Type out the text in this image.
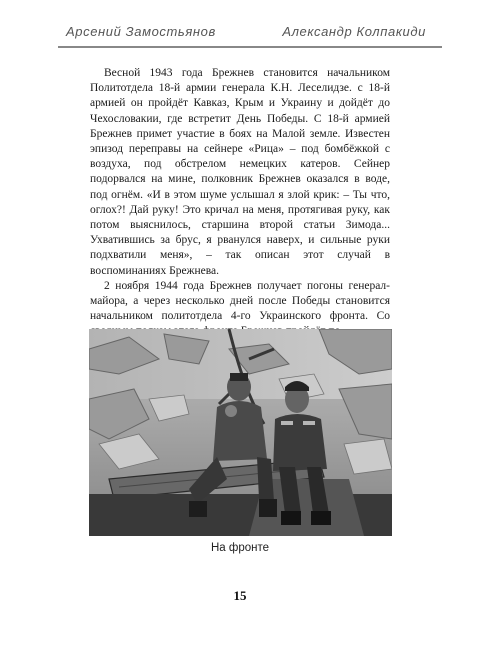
Арсений Замостьянов	Александр Колпакиди

Весной 1943 года Брежнев становится начальником Политотдела 18-й армии генерала К.Н. Леселидзе. с 18-й армией он пройдёт Кавказ, Крым и Украину и дойдёт до Чехословакии, где встретит День Победы. С 18-й армией Брежнев примет участие в боях на Малой земле. Известен эпизод переправы на сейнере «Рица» – под бомбёжкой с воздуха, под обстрелом немецких катеров. Сейнер подорвался на мине, полковник Брежнев оказался в воде, под огнём. «И в этом шуме услышал я злой крик: – Ты что, оглох?! Дай руку! Это кричал на меня, протягивая руку, как потом выяснилось, старшина второй статьи Зимода... Ухватившись за брус, я рванулся наверх, и сильные руки подхватили меня», – так описан этот случай в воспоминаниях Брежнева.

2 ноября 1944 года Брежнев получает погоны генерал-майора, а через несколько дней после Победы становится начальником политотдела 4-го Украинского фронта. Со

На фронте
15
